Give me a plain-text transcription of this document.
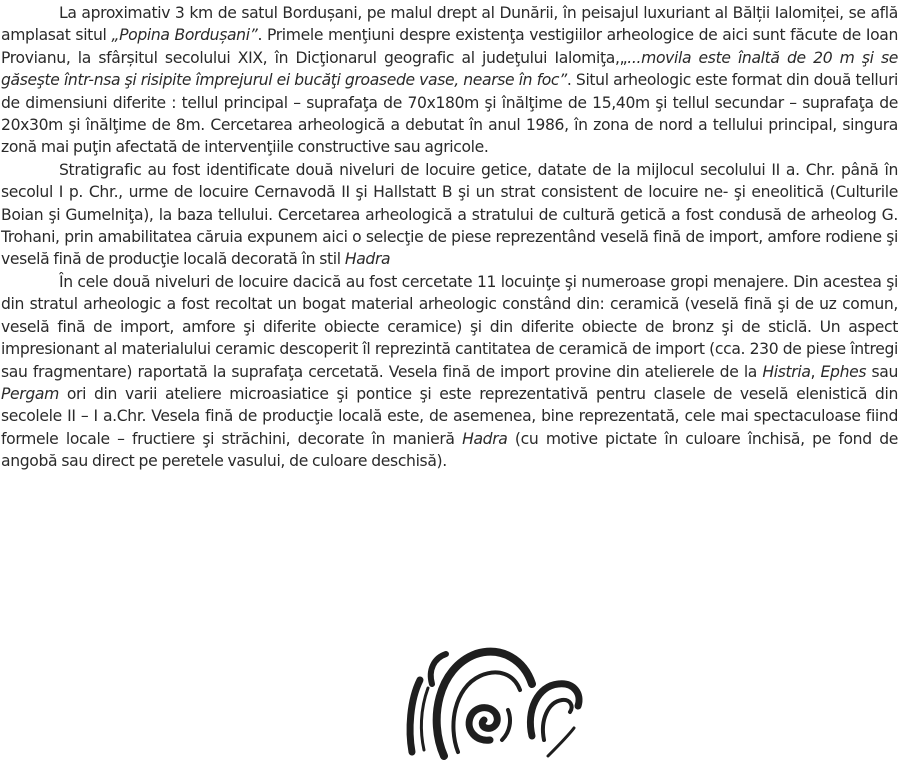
La aproximativ 3 km de satul Bordușani, pe malul drept al Dunării, în peisajul luxuriant al Bălții Ialomiței, se află amplasat situl „Popina Bordușani”. Primele menţiuni despre existenţa vestigiilor arheologice de aici sunt făcute de Ioan Provianu, la sfârșitul secolului XIX, în Dicţionarul geografic al judeţului Ialomiţa,„...movila este înaltă de 20 m şi se găseşte într-nsa şi risipite împrejurul ei bucăţi groasede vase, nearse în foc”. Situl arheologic este format din două telluri de dimensiuni diferite : tellul principal – suprafaţa de 70x180m şi înălţime de 15,40m şi tellul secundar – suprafaţa de 20x30m şi înălţime de 8m. Cercetarea arheologică a debutat în anul 1986, în zona de nord a tellului principal, singura zonă mai puţin afectată de intervenţiile constructive sau agricole.

Stratigrafic au fost identificate două niveluri de locuire getice, datate de la mijlocul secolului II a. Chr. până în secolul I p. Chr., urme de locuire Cernavodă II şi Hallstatt B şi un strat consistent de locuire ne- şi eneolitică (Culturile Boian şi Gumelniţa), la baza tellului. Cercetarea arheologică a stratului de cultură getică a fost condusă de arheolog G. Trohani, prin amabilitatea căruia expunem aici o selecţie de piese reprezentând veselă fină de import, amfore rodiene şi veselă fină de producţie locală decorată în stil Hadra

În cele două niveluri de locuire dacică au fost cercetate 11 locuinţe şi numeroase gropi menajere. Din acestea şi din stratul arheologic a fost recoltat un bogat material arheologic constând din: ceramică (veselă fină şi de uz comun, veselă fină de import, amfore şi diferite obiecte ceramice) şi din diferite obiecte de bronz şi de sticlă. Un aspect impresionant al materialului ceramic descoperit îl reprezintă cantitatea de ceramică de import (cca. 230 de piese întregi sau fragmentare) raportată la suprafaţa cercetată. Vesela fină de import provine din atelierele de la Histria, Ephes sau Pergam ori din varii ateliere microasiatice şi pontice şi este reprezentativă pentru clasele de veselă elenistică din secolele II – I a.Chr. Vesela fină de producţie locală este, de asemenea, bine reprezentată, cele mai spectaculoase fiind formele locale – fructiere şi străchini, decorate în manieră Hadra (cu motive pictate în culoare închisă, pe fond de angobă sau direct pe peretele vasului, de culoare deschisă).
